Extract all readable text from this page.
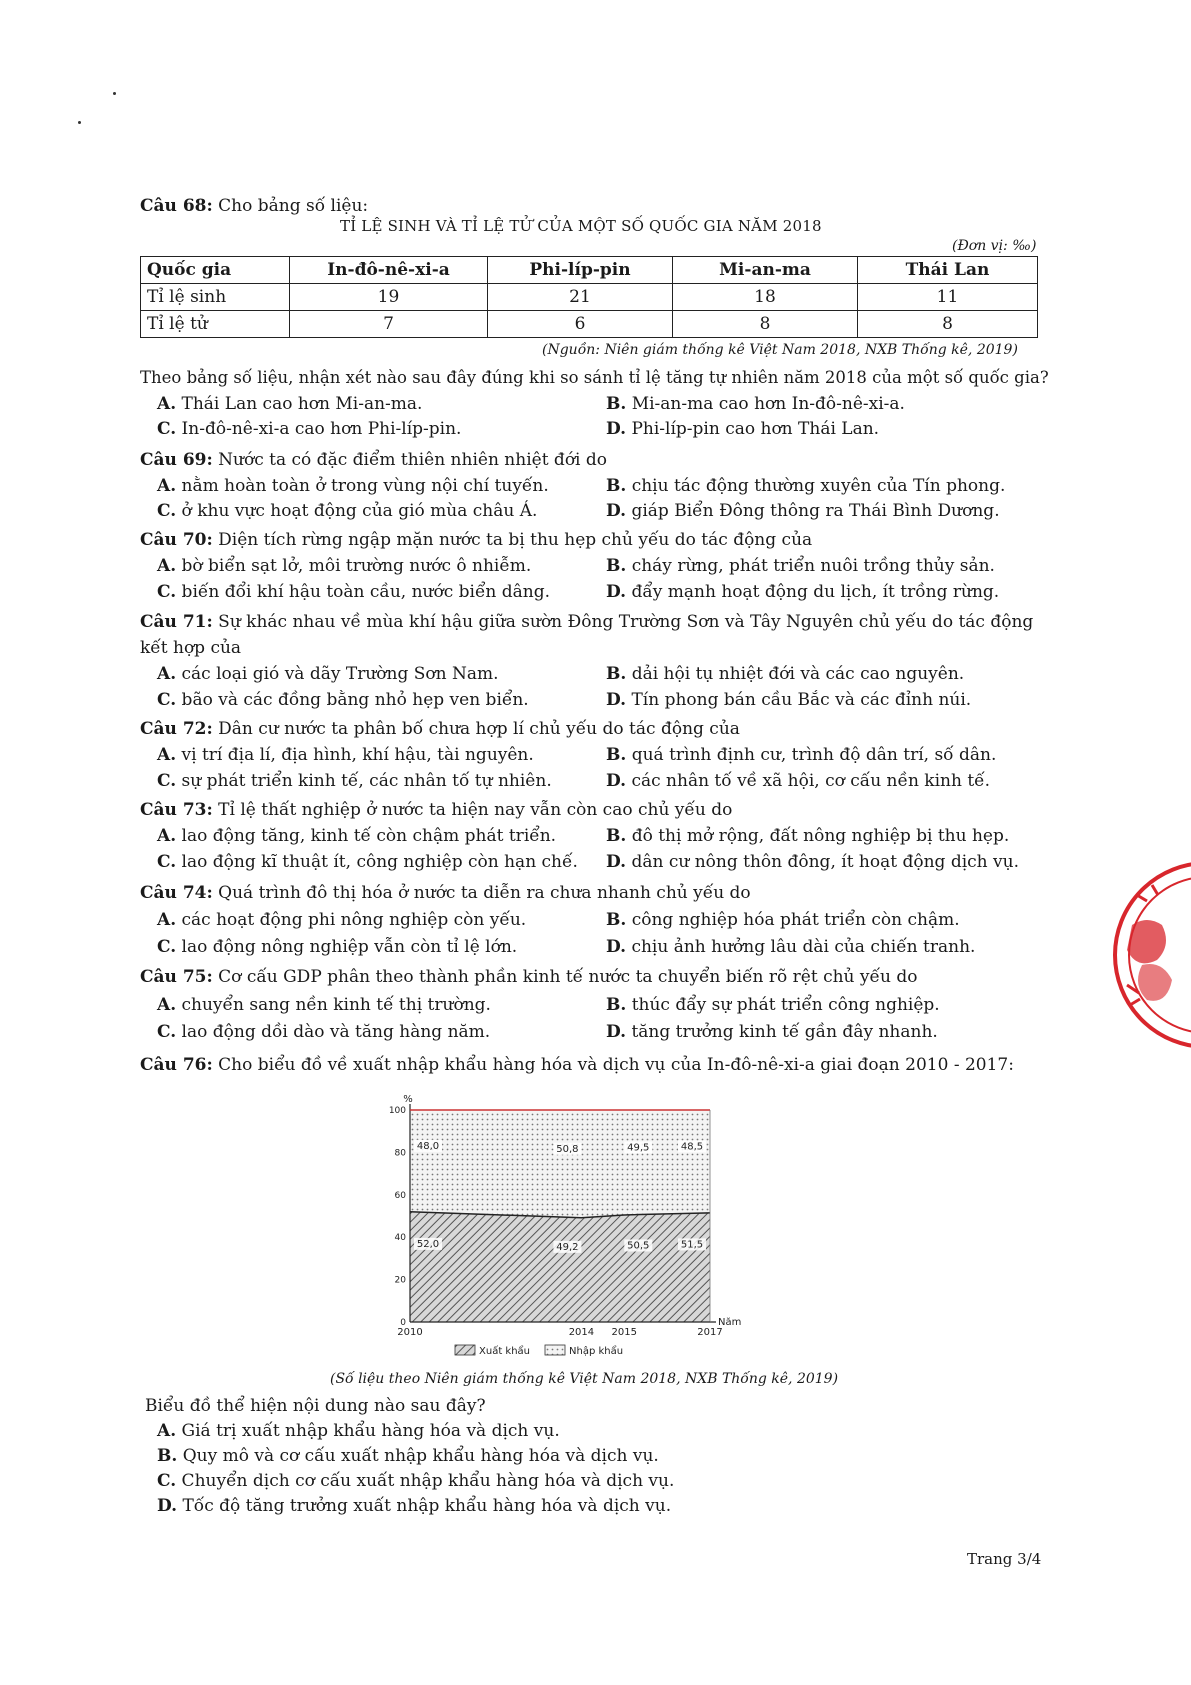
Câu 68: Cho bảng số liệu:
TỈ LỆ SINH VÀ TỈ LỆ TỬ CỦA MỘT SỐ QUỐC GIA NĂM 2018
(Đơn vị: ‰)
Quốc gia	In-đô-nê-xi-a	Phi-líp-pin	Mi-an-ma	Thái Lan
Tỉ lệ sinh	19	21	18	11
Tỉ lệ tử	7	6	8	8
(Nguồn: Niên giám thống kê Việt Nam 2018, NXB Thống kê, 2019)
Theo bảng số liệu, nhận xét nào sau đây đúng khi so sánh tỉ lệ tăng tự nhiên năm 2018 của một số quốc gia?
A. Thái Lan cao hơn Mi-an-ma.	B. Mi-an-ma cao hơn In-đô-nê-xi-a.
C. In-đô-nê-xi-a cao hơn Phi-líp-pin.	D. Phi-líp-pin cao hơn Thái Lan.
Câu 69: Nước ta có đặc điểm thiên nhiên nhiệt đới do
A. nằm hoàn toàn ở trong vùng nội chí tuyến.	B. chịu tác động thường xuyên của Tín phong.
C. ở khu vực hoạt động của gió mùa châu Á.	D. giáp Biển Đông thông ra Thái Bình Dương.
Câu 70: Diện tích rừng ngập mặn nước ta bị thu hẹp chủ yếu do tác động của
A. bờ biển sạt lở, môi trường nước ô nhiễm.	B. cháy rừng, phát triển nuôi trồng thủy sản.
C. biến đổi khí hậu toàn cầu, nước biển dâng.	D. đẩy mạnh hoạt động du lịch, ít trồng rừng.
Câu 71: Sự khác nhau về mùa khí hậu giữa sườn Đông Trường Sơn và Tây Nguyên chủ yếu do tác động
kết hợp của
A. các loại gió và dãy Trường Sơn Nam.	B. dải hội tụ nhiệt đới và các cao nguyên.
C. bão và các đồng bằng nhỏ hẹp ven biển.	D. Tín phong bán cầu Bắc và các đỉnh núi.
Câu 72: Dân cư nước ta phân bố chưa hợp lí chủ yếu do tác động của
A. vị trí địa lí, địa hình, khí hậu, tài nguyên.	B. quá trình định cư, trình độ dân trí, số dân.
C. sự phát triển kinh tế, các nhân tố tự nhiên.	D. các nhân tố về xã hội, cơ cấu nền kinh tế.
Câu 73: Tỉ lệ thất nghiệp ở nước ta hiện nay vẫn còn cao chủ yếu do
A. lao động tăng, kinh tế còn chậm phát triển.	B. đô thị mở rộng, đất nông nghiệp bị thu hẹp.
C. lao động kĩ thuật ít, công nghiệp còn hạn chế. D. dân cư nông thôn đông, ít hoạt động dịch vụ.
Câu 74: Quá trình đô thị hóa ở nước ta diễn ra chưa nhanh chủ yếu do
A. các hoạt động phi nông nghiệp còn yếu.	B. công nghiệp hóa phát triển còn chậm.
C. lao động nông nghiệp vẫn còn tỉ lệ lớn.	D. chịu ảnh hưởng lâu dài của chiến tranh.
Câu 75: Cơ cấu GDP phân theo thành phần kinh tế nước ta chuyển biến rõ rệt chủ yếu do
A. chuyển sang nền kinh tế thị trường.	B. thúc đẩy sự phát triển công nghiệp.
C. lao động dồi dào và tăng hàng năm.	D. tăng trưởng kinh tế gần đây nhanh.
Câu 76: Cho biểu đồ về xuất nhập khẩu hàng hóa và dịch vụ của In-đô-nê-xi-a giai đoạn 2010 - 2017:
0
20
40
60
80
100
%
2010	2014 2015	2017
Năm
52,0	49,2	50,5	51,5
48,0	50,8	49,5	48,5
Xuất khẩu	Nhập khẩu
(Số liệu theo Niên giám thống kê Việt Nam 2018, NXB Thống kê, 2019)
Biểu đồ thể hiện nội dung nào sau đây?
A. Giá trị xuất nhập khẩu hàng hóa và dịch vụ.
B. Quy mô và cơ cấu xuất nhập khẩu hàng hóa và dịch vụ.
C. Chuyển dịch cơ cấu xuất nhập khẩu hàng hóa và dịch vụ.
D. Tốc độ tăng trưởng xuất nhập khẩu hàng hóa và dịch vụ.
Trang 3/4
